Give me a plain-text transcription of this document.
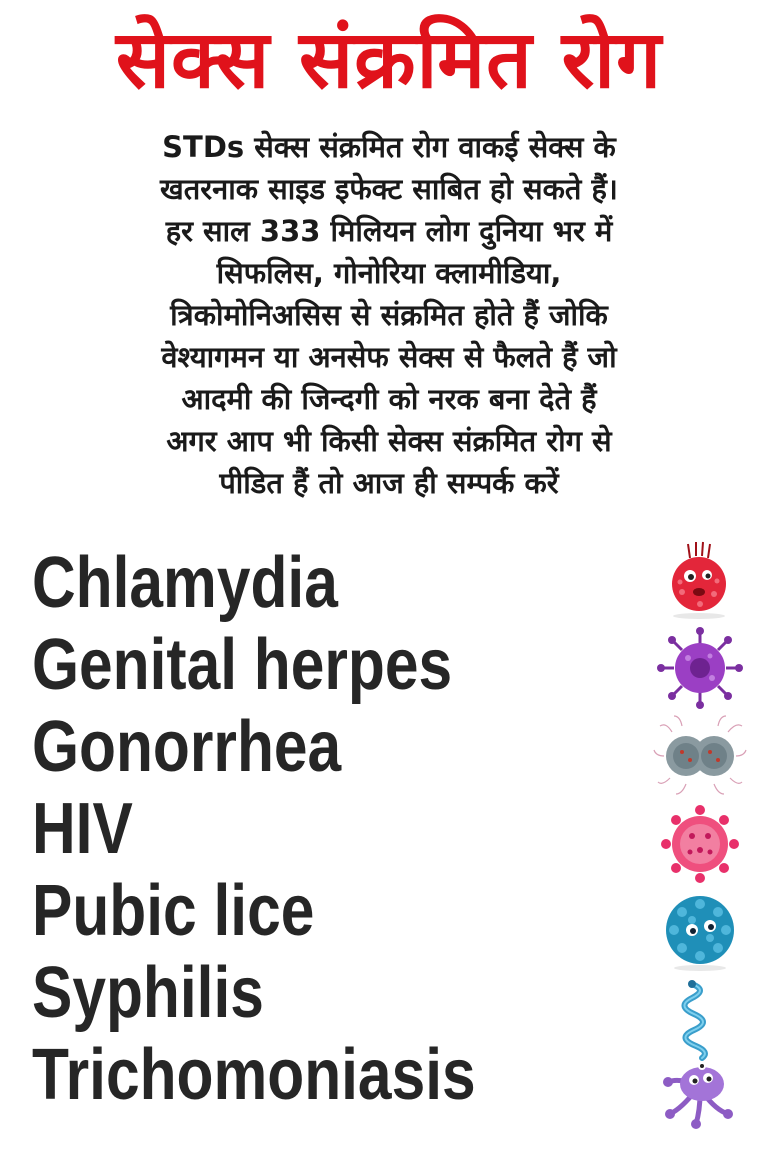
सेक्स संक्रमित रोग
STDs सेक्स संक्रमित रोग वाकई सेक्स के
खतरनाक साइड इफेक्ट साबित हो सकते हैं।
हर साल 333 मिलियन लोग दुनिया भर में
सिफलिस, गोनोरिया क्लामीडिया,
त्रिकोमोनिअसिस से संक्रमित होते हैं जोकि
वेश्यागमन या अनसेफ सेक्स से फैलते हैं जो
आदमी की जिन्दगी को नरक बना देते हैं
अगर आप भी किसी सेक्स संक्रमित रोग से
पीडित हैं तो आज ही सम्पर्क करें
Chlamydia
Genital herpes
Gonorrhea
HIV
Pubic lice
Syphilis
Trichomoniasis
